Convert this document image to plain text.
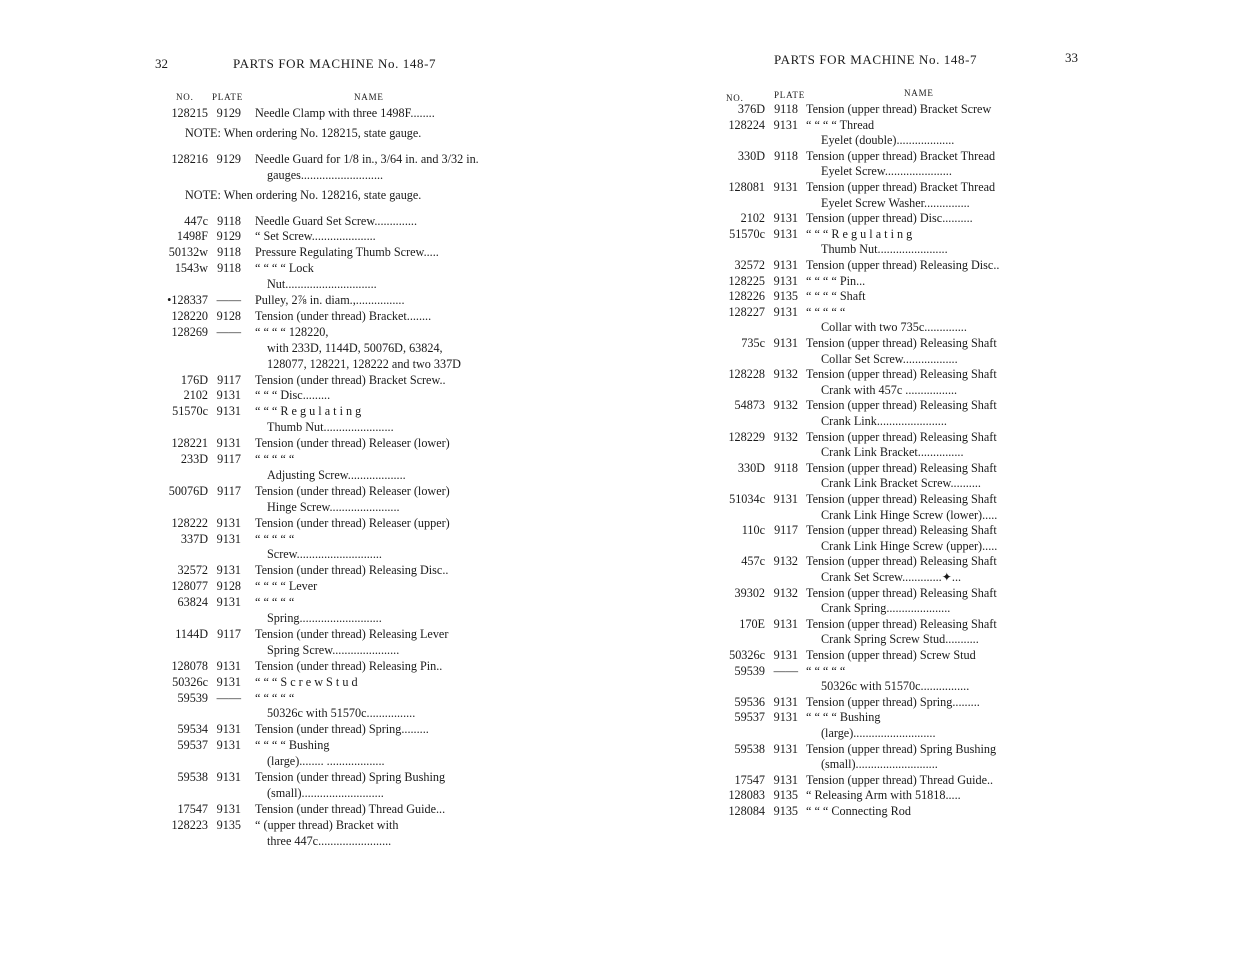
32	PARTS FOR MACHINE No. 148-7
NO. PLATE	NAME
128215 9129 Needle Clamp with three 1498F........
NOTE: When ordering No. 128215, state gauge.
128216 9129 Needle Guard for 1/8 in., 3/64 in. and 3/32 in.
gauges...........................
NOTE: When ordering No. 128216, state gauge.
447c 9118 Needle Guard Set Screw..............
1498F 9129 “ Set Screw.....................
50132w 9118 Pressure Regulating Thumb Screw.....
1543w 9118 “ “ “ “ Lock
Nut..............................
•128337 —— Pulley, 2⅞ in. diam.,................
128220 9128 Tension (under thread) Bracket........
128269 —— “ “ “ “ 128220,
with 233D, 1144D, 50076D, 63824,
128077, 128221, 128222 and two 337D
176D 9117 Tension (under thread) Bracket Screw..
2102 9131 “ “ “ Disc.........
51570c 9131 “ “ “ R e g u l a t i n g
Thumb Nut.......................
128221 9131 Tension (under thread) Releaser (lower)
233D 9117 “ “ “ “ “
Adjusting Screw...................
50076D 9117 Tension (under thread) Releaser (lower)
Hinge Screw.......................
128222 9131 Tension (under thread) Releaser (upper)
337D 9131 “ “ “ “ “
Screw............................
32572 9131 Tension (under thread) Releasing Disc..
128077 9128 “ “ “ “ Lever
63824 9131 “ “ “ “ “
Spring...........................
1144D 9117 Tension (under thread) Releasing Lever
Spring Screw......................
128078 9131 Tension (under thread) Releasing Pin..
50326c 9131 “ “ “ S c r e w S t u d
59539 —— “ “ “ “ “
50326c with 51570c................
59534 9131 Tension (under thread) Spring.........
59537 9131 “ “ “ “ Bushing
(large)........ ...................
59538 9131 Tension (under thread) Spring Bushing
(small)...........................
17547 9131 Tension (under thread) Thread Guide...
128223 9135 “ (upper thread) Bracket with
three 447c........................
PARTS FOR MACHINE No. 148-7	33
NO.	PLATE	NAME
376D 9118 Tension (upper thread) Bracket Screw
128224 9131 “ “ “ “ Thread
Eyelet (double)...................
330D 9118 Tension (upper thread) Bracket Thread
Eyelet Screw......................
128081 9131 Tension (upper thread) Bracket Thread
Eyelet Screw Washer...............
2102 9131 Tension (upper thread) Disc..........
51570c 9131 “ “ “ R e g u l a t i n g
Thumb Nut.......................
32572 9131 Tension (upper thread) Releasing Disc..
128225 9131 “ “ “ “ Pin...
128226 9135 “ “ “ “ Shaft
128227 9131 “ “ “ “ “
Collar with two 735c..............
735c 9131 Tension (upper thread) Releasing Shaft
Collar Set Screw..................
128228 9132 Tension (upper thread) Releasing Shaft
Crank with 457c .................
54873 9132 Tension (upper thread) Releasing Shaft
Crank Link.......................
128229 9132 Tension (upper thread) Releasing Shaft
Crank Link Bracket...............
330D 9118 Tension (upper thread) Releasing Shaft
Crank Link Bracket Screw..........
51034c 9131 Tension (upper thread) Releasing Shaft
Crank Link Hinge Screw (lower).....
110c 9117 Tension (upper thread) Releasing Shaft
Crank Link Hinge Screw (upper).....
457c 9132 Tension (upper thread) Releasing Shaft
Crank Set Screw.............✦...
39302 9132 Tension (upper thread) Releasing Shaft
Crank Spring.....................
170E 9131 Tension (upper thread) Releasing Shaft
Crank Spring Screw Stud...........
50326c 9131 Tension (upper thread) Screw Stud
59539 —— “ “ “ “ “
50326c with 51570c................
59536 9131 Tension (upper thread) Spring.........
59537 9131 “ “ “ “ Bushing
(large)...........................
59538 9131 Tension (upper thread) Spring Bushing
(small)...........................
17547 9131 Tension (upper thread) Thread Guide..
128083 9135 “ Releasing Arm with 51818.....
128084 9135 “ “ “ Connecting Rod
